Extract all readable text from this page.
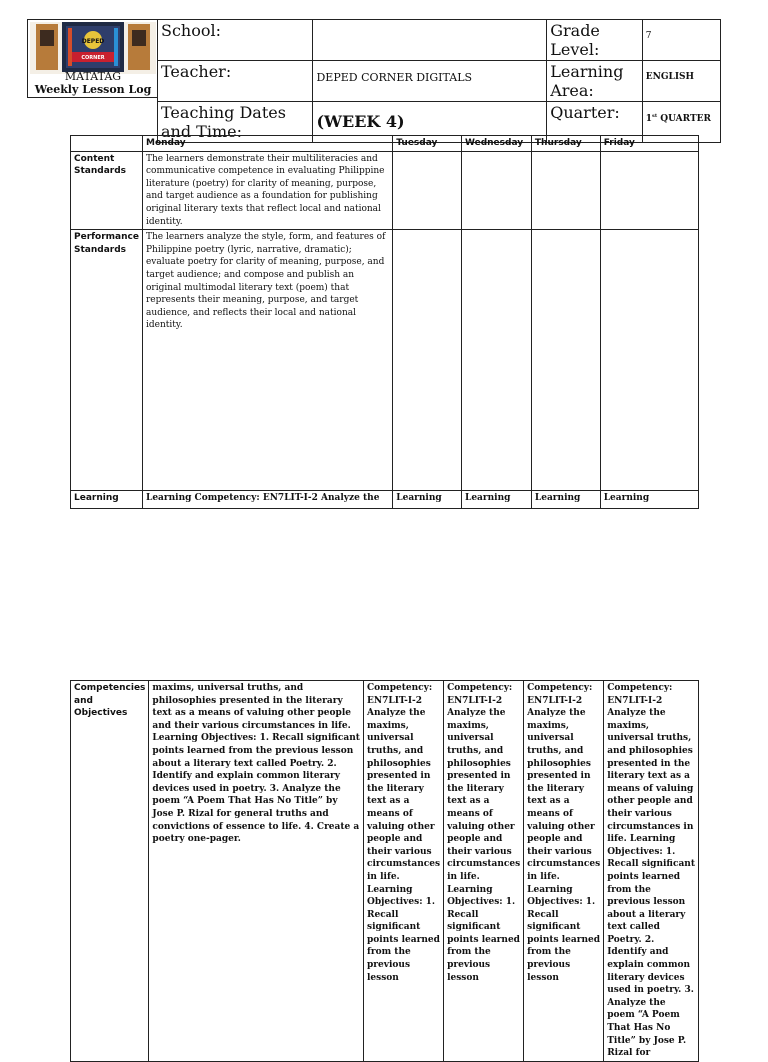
DEPED
CORNER
MATATAG
Weekly Lesson Log
School:		Grade Level:	7
Teacher:	DEPED CORNER DIGITALS	Learning Area:	ENGLISH
Teaching Dates and Time:	(WEEK 4)	Quarter:	1st QUARTER
	Monday	Tuesday	Wednesday	Thursday	Friday
Content Standards	The learners demonstrate their multiliteracies and communicative competence in evaluating Philippine literature (poetry) for clarity of meaning, purpose, and target audience as a foundation for publishing original literary texts that reflect local and national identity.				
Performance Standards	The learners analyze the style, form, and features of Philippine poetry (lyric, narrative, dramatic); evaluate poetry for clarity of meaning, purpose, and target audience; and compose and publish an original multimodal literary text (poem) that represents their meaning, purpose, and target audience, and reflects their local and national identity.				
Learning	Learning Competency: EN7LIT-I-2 Analyze the	Learning	Learning	Learning	Learning
Competencies and Objectives	maxims, universal truths, and philosophies presented in the literary text as a means of valuing other people and their various circumstances in life. Learning Objectives: 1. Recall significant points learned from the previous lesson about a literary text called Poetry. 2. Identify and explain common literary devices used in poetry. 3. Analyze the poem “A Poem That Has No Title” by Jose P. Rizal for general truths and convictions of essence to life. 4. Create a poetry one-pager.	Competency: EN7LIT-I-2 Analyze the maxims, universal truths, and philosophies presented in the literary text as a means of valuing other people and their various circumstances in life. Learning Objectives: 1. Recall significant points learned from the previous lesson	Competency: EN7LIT-I-2 Analyze the maxims, universal truths, and philosophies presented in the literary text as a means of valuing other people and their various circumstances in life. Learning Objectives: 1. Recall significant points learned from the previous lesson	Competency: EN7LIT-I-2 Analyze the maxims, universal truths, and philosophies presented in the literary text as a means of valuing other people and their various circumstances in life. Learning Objectives: 1. Recall significant points learned from the previous lesson	Competency: EN7LIT-I-2 Analyze the maxims, universal truths, and philosophies presented in the literary text as a means of valuing other people and their various circumstances in life. Learning Objectives: 1. Recall significant points learned from the previous lesson about a literary text called Poetry. 2. Identify and explain common literary devices used in poetry. 3. Analyze the poem “A Poem That Has No Title” by Jose P. Rizal for
